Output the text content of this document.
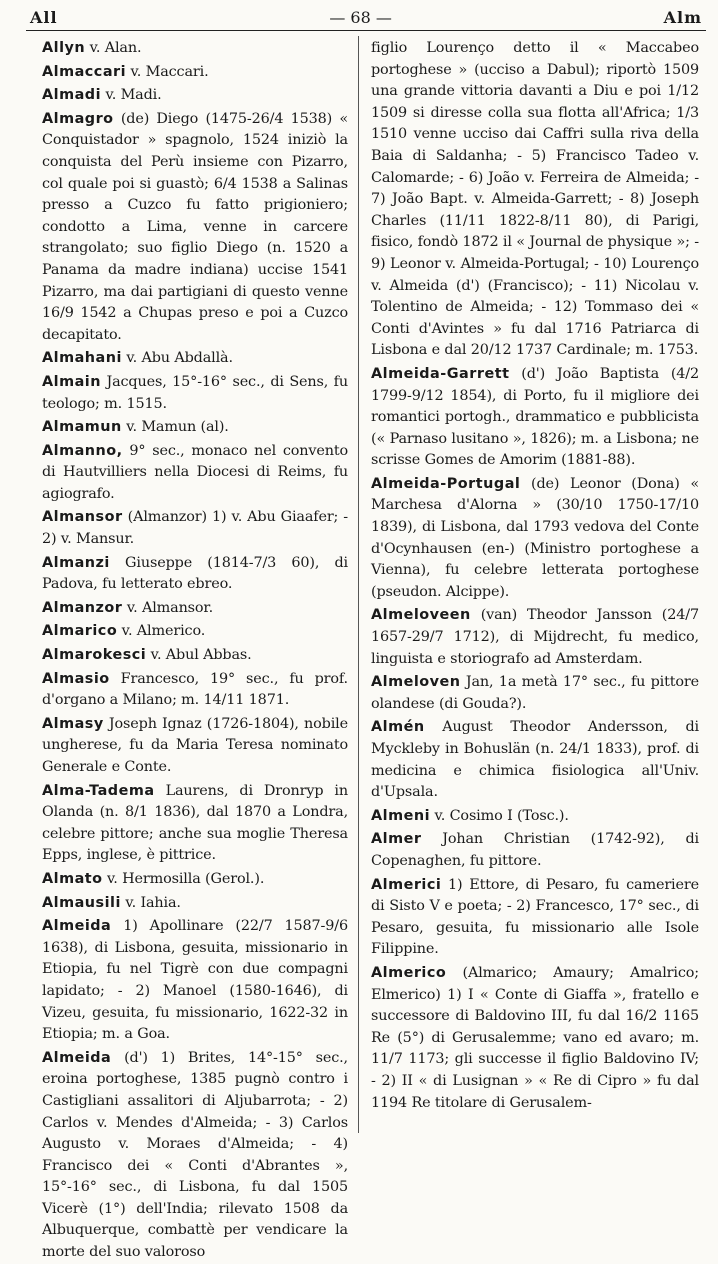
All	— 68 —	Alm
Allyn v. Alan.
Almaccari v. Maccari.
Almadi v. Madi.
Almagro (de) Diego (1475-26/4 1538) « Conquistador » spagnolo, 1524 iniziò la conquista del Perù insieme con Pizarro, col quale poi si guastò; 6/4 1538 a Salinas presso a Cuzco fu fatto prigioniero; condotto a Lima, venne in carcere strangolato; suo figlio Diego (n. 1520 a Panama da madre indiana) uccise 1541 Pizarro, ma dai partigiani di questo venne 16/9 1542 a Chupas preso e poi a Cuzco decapitato.
Almahani v. Abu Abdallà.
Almain Jacques, 15°-16° sec., di Sens, fu teologo; m. 1515.
Almamun v. Mamun (al).
Almanno, 9° sec., monaco nel convento di Hautvilliers nella Diocesi di Reims, fu agiografo.
Almansor (Almanzor) 1) v. Abu Giaafer; - 2) v. Mansur.
Almanzi Giuseppe (1814-7/3 60), di Padova, fu letterato ebreo.
Almanzor v. Almansor.
Almarico v. Almerico.
Almarokesci v. Abul Abbas.
Almasio Francesco, 19° sec., fu prof. d'organo a Milano; m. 14/11 1871.
Almasy Joseph Ignaz (1726-1804), nobile ungherese, fu da Maria Teresa nominato Generale e Conte.
Alma-Tadema Laurens, di Dronryp in Olanda (n. 8/1 1836), dal 1870 a Londra, celebre pittore; anche sua moglie Theresa Epps, inglese, è pittrice.
Almato v. Hermosilla (Gerol.).
Almausili v. Iahia.
Almeida 1) Apollinare (22/7 1587-9/6 1638), di Lisbona, gesuita, missionario in Etiopia, fu nel Tigrè con due compagni lapidato; - 2) Manoel (1580-1646), di Vizeu, gesuita, fu missionario, 1622-32 in Etiopia; m. a Goa.
Almeida (d') 1) Brites, 14°-15° sec., eroina portoghese, 1385 pugnò contro i Castigliani assalitori di Aljubarrota; - 2) Carlos v. Mendes d'Almeida; - 3) Carlos Augusto v. Moraes d'Almeida; - 4) Francisco dei « Conti d'Abrantes », 15°-16° sec., di Lisbona, fu dal 1505 Vicerè (1°) dell'India; rilevato 1508 da Albuquerque, combattè per vendicare la morte del suo valoroso
figlio Lourenço detto il « Maccabeo portoghese » (ucciso a Dabul); riportò 1509 una grande vittoria davanti a Diu e poi 1/12 1509 si diresse colla sua flotta all'Africa; 1/3 1510 venne ucciso dai Caffri sulla riva della Baia di Saldanha; - 5) Francisco Tadeo v. Calomarde; - 6) João v. Ferreira de Almeida; - 7) João Bapt. v. Almeida-Garrett; - 8) Joseph Charles (11/11 1822-8/11 80), di Parigi, fisico, fondò 1872 il « Journal de physique »; - 9) Leonor v. Almeida-Portugal; - 10) Lourenço v. Almeida (d') (Francisco); - 11) Nicolau v. Tolentino de Almeida; - 12) Tommaso dei « Conti d'Avintes » fu dal 1716 Patriarca di Lisbona e dal 20/12 1737 Cardinale; m. 1753.
Almeida-Garrett (d') João Baptista (4/2 1799-9/12 1854), di Porto, fu il migliore dei romantici portogh., drammatico e pubblicista (« Parnaso lusitano », 1826); m. a Lisbona; ne scrisse Gomes de Amorim (1881-88).
Almeida-Portugal (de) Leonor (Dona) « Marchesa d'Alorna » (30/10 1750-17/10 1839), di Lisbona, dal 1793 vedova del Conte d'Ocynhausen (en-) (Ministro portoghese a Vienna), fu celebre letterata portoghese (pseudon. Alcippe).
Almeloveen (van) Theodor Jansson (24/7 1657-29/7 1712), di Mijdrecht, fu medico, linguista e storiografo ad Amsterdam.
Almeloven Jan, 1a metà 17° sec., fu pittore olandese (di Gouda?).
Almén August Theodor Andersson, di Myckleby in Bohuslän (n. 24/1 1833), prof. di medicina e chimica fisiologica all'Univ. d'Upsala.
Almeni v. Cosimo I (Tosc.).
Almer Johan Christian (1742-92), di Copenaghen, fu pittore.
Almerici 1) Ettore, di Pesaro, fu cameriere di Sisto V e poeta; - 2) Francesco, 17° sec., di Pesaro, gesuita, fu missionario alle Isole Filippine.
Almerico (Almarico; Amaury; Amalrico; Elmerico) 1) I « Conte di Giaffa », fratello e successore di Baldovino III, fu dal 16/2 1165 Re (5°) di Gerusalemme; vano ed avaro; m. 11/7 1173; gli successe il figlio Baldovino IV; - 2) II « di Lusignan » « Re di Cipro » fu dal 1194 Re titolare di Gerusalem-
